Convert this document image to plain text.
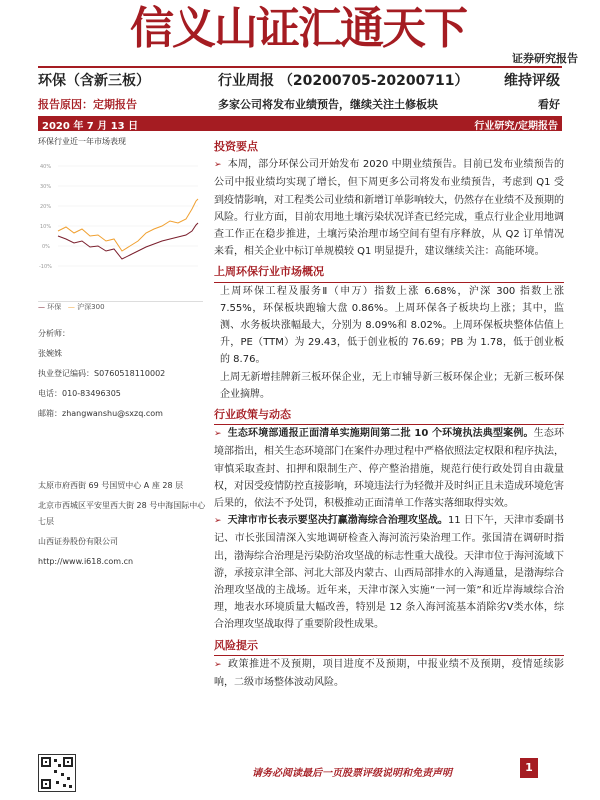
信义山证汇通天下
证券研究报告
环保（含新三板）	行业周报 （20200705-20200711）	维持评级
报告原因：定期报告	多家公司将发布业绩预告，继续关注土修板块	看好
2020 年 7 月 13 日	行业研究/定期报告
环保行业近一年市场表现
40%
30%
20%
10%
0%
-10%
— 环保 — 沪深300
分析师：
张婉姝
执业登记编码：S0760518110002
电话：010-83496305
邮箱：zhangwanshu@sxzq.com
太原市府西街 69 号国贸中心 A 座 28 层
北京市西城区平安里西大街 28 号中海国际中心七层
山西证券股份有限公司
http://www.i618.com.cn
投资要点
➢ 本周，部分环保公司开始发布 2020 中期业绩预告。目前已发布业绩预告的公司中报业绩均实现了增长，但下周更多公司将发布业绩预告，考虑到 Q1 受到疫情影响，对工程类公司业绩和新增订单影响较大，仍然存在业绩不及预期的风险。行业方面，目前农用地土壤污染状况详查已经完成，重点行业企业用地调查工作正在稳步推进，土壤污染治理市场空间有望有序释放，从 Q2 订单情况来看，相关企业中标订单规模较 Q1 明显提升，建议继续关注：高能环境。
上周环保行业市场概况
上周环保工程及服务Ⅱ（申万）指数上涨 6.68%，沪深 300 指数上涨 7.55%，环保板块跑输大盘 0.86%。上周环保各子板块均上涨；其中，监测、水务板块涨幅最大，分别为 8.09%和 8.02%。上周环保板块整体估值上升，PE（TTM）为 29.43，低于创业板的 76.69；PB 为 1.78，低于创业板的 8.76。
上周无新增挂牌新三板环保企业，无上市辅导新三板环保企业；无新三板环保企业摘牌。
行业政策与动态
➢ 生态环境部通报正面清单实施期间第二批 10 个环境执法典型案例。生态环境部指出，相关生态环境部门在案件办理过程中严格依照法定权限和程序执法，审慎采取查封、扣押和限制生产、停产整治措施，规范行使行政处罚自由裁量权，对因受疫情防控直接影响，环境违法行为轻微并及时纠正且未造成环境危害后果的，依法不予处罚，积极推动正面清单工作落实落细取得实效。
➢ 天津市市长表示要坚决打赢渤海综合治理攻坚战。11 日下午，天津市委副书记、市长张国清深入实地调研检查入海河流污染治理工作。张国清在调研时指出，渤海综合治理是污染防治攻坚战的标志性重大战役。天津市位于海河流域下游，承接京津全部、河北大部及内蒙古、山西局部排水的入海通量，是渤海综合治理攻坚战的主战场。近年来，天津市深入实施“一河一策”和近岸海域综合治理，地表水环境质量大幅改善，特别是 12 条入海河流基本消除劣Ⅴ类水体，综合治理攻坚战取得了重要阶段性成果。
风险提示
➢ 政策推进不及预期，项目进度不及预期，中报业绩不及预期，疫情延续影响，二级市场整体波动风险。
请务必阅读最后一页股票评级说明和免责声明	1
